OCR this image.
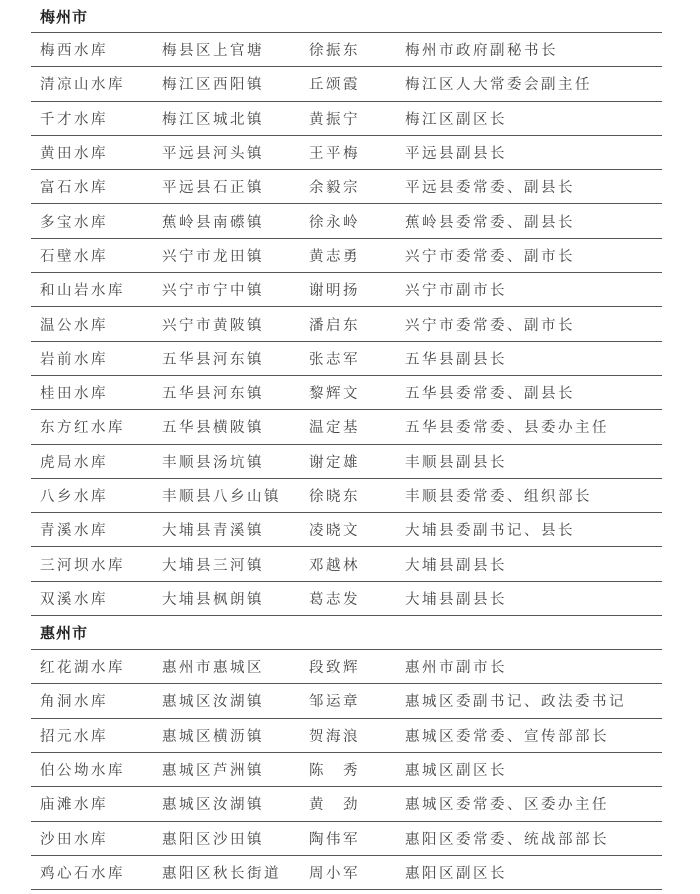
梅州市
梅西水库	梅县区上官塘	徐振东	梅州市政府副秘书长
清凉山水库	梅江区西阳镇	丘颂霞	梅江区人大常委会副主任
千才水库	梅江区城北镇	黄振宁	梅江区副区长
黄田水库	平远县河头镇	王平梅	平远县副县长
富石水库	平远县石正镇	余毅宗	平远县委常委、副县长
多宝水库	蕉岭县南礤镇	徐永岭	蕉岭县委常委、副县长
石壁水库	兴宁市龙田镇	黄志勇	兴宁市委常委、副市长
和山岩水库	兴宁市宁中镇	谢明扬	兴宁市副市长
温公水库	兴宁市黄陂镇	潘启东	兴宁市委常委、副市长
岩前水库	五华县河东镇	张志军	五华县副县长
桂田水库	五华县河东镇	黎辉文	五华县委常委、副县长
东方红水库	五华县横陂镇	温定基	五华县委常委、县委办主任
虎局水库	丰顺县汤坑镇	谢定雄	丰顺县副县长
八乡水库	丰顺县八乡山镇	徐晓东	丰顺县委常委、组织部长
青溪水库	大埔县青溪镇	凌晓文	大埔县委副书记、县长
三河坝水库	大埔县三河镇	邓越林	大埔县副县长
双溪水库	大埔县枫朗镇	葛志发	大埔县副县长
惠州市
红花湖水库	惠州市惠城区	段致辉	惠州市副市长
角洞水库	惠城区汝湖镇	邹运章	惠城区委副书记、政法委书记
招元水库	惠城区横沥镇	贺海浪	惠城区委常委、宣传部部长
伯公坳水库	惠城区芦洲镇	陈　秀	惠城区副区长
庙滩水库	惠城区汝湖镇	黄　劲	惠城区委常委、区委办主任
沙田水库	惠阳区沙田镇	陶伟军	惠阳区委常委、统战部部长
鸡心石水库	惠阳区秋长街道	周小军	惠阳区副区长
